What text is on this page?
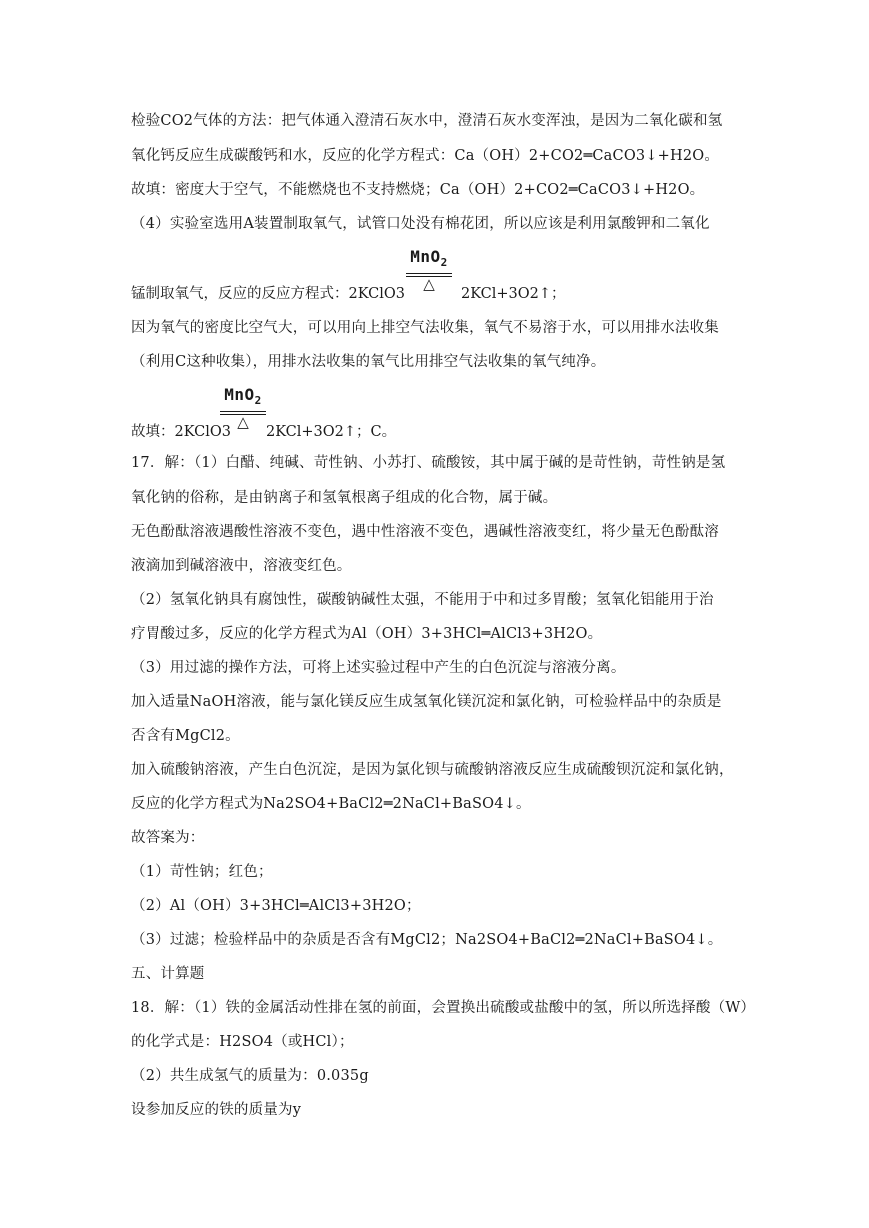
检验CO2气体的方法：把气体通入澄清石灰水中，澄清石灰水变浑浊，是因为二氧化碳和氢
氧化钙反应生成碳酸钙和水，反应的化学方程式：Ca（OH）2+CO2═CaCO3↓+H2O。
故填：密度大于空气，不能燃烧也不支持燃烧；Ca（OH）2+CO2═CaCO3↓+H2O。
（4）实验室选用A装置制取氧气，试管口处没有棉花团，所以应该是利用氯酸钾和二氧化
锰制取氧气，反应的反应方程式：2KClO3
MnO$_2$
△
2KCl+3O2↑；
因为氧气的密度比空气大，可以用向上排空气法收集，氧气不易溶于水，可以用排水法收集
（利用C这种收集），用排水法收集的氧气比用排空气法收集的氧气纯净。
故填：2KClO3
MnO$_2$
△
2KCl+3O2↑；C。
17．解：（1）白醋、纯碱、苛性钠、小苏打、硫酸铵，其中属于碱的是苛性钠，苛性钠是氢
氧化钠的俗称，是由钠离子和氢氧根离子组成的化合物，属于碱。
无色酚酞溶液遇酸性溶液不变色，遇中性溶液不变色，遇碱性溶液变红，将少量无色酚酞溶
液滴加到碱溶液中，溶液变红色。
（2）氢氧化钠具有腐蚀性，碳酸钠碱性太强，不能用于中和过多胃酸；氢氧化铝能用于治
疗胃酸过多，反应的化学方程式为Al（OH）3+3HCl═AlCl3+3H2O。
（3）用过滤的操作方法，可将上述实验过程中产生的白色沉淀与溶液分离。
加入适量NaOH溶液，能与氯化镁反应生成氢氧化镁沉淀和氯化钠，可检验样品中的杂质是
否含有MgCl2。
加入硫酸钠溶液，产生白色沉淀，是因为氯化钡与硫酸钠溶液反应生成硫酸钡沉淀和氯化钠，
反应的化学方程式为Na2SO4+BaCl2═2NaCl+BaSO4↓。
故答案为：
（1）苛性钠；红色；
（2）Al（OH）3+3HCl═AlCl3+3H2O；
（3）过滤；检验样品中的杂质是否含有MgCl2；Na2SO4+BaCl2═2NaCl+BaSO4↓。
五、计算题
18．解：（1）铁的金属活动性排在氢的前面，会置换出硫酸或盐酸中的氢，所以所选择酸（W）
的化学式是：H2SO4（或HCl）；
（2）共生成氢气的质量为：0.035g
设参加反应的铁的质量为y
